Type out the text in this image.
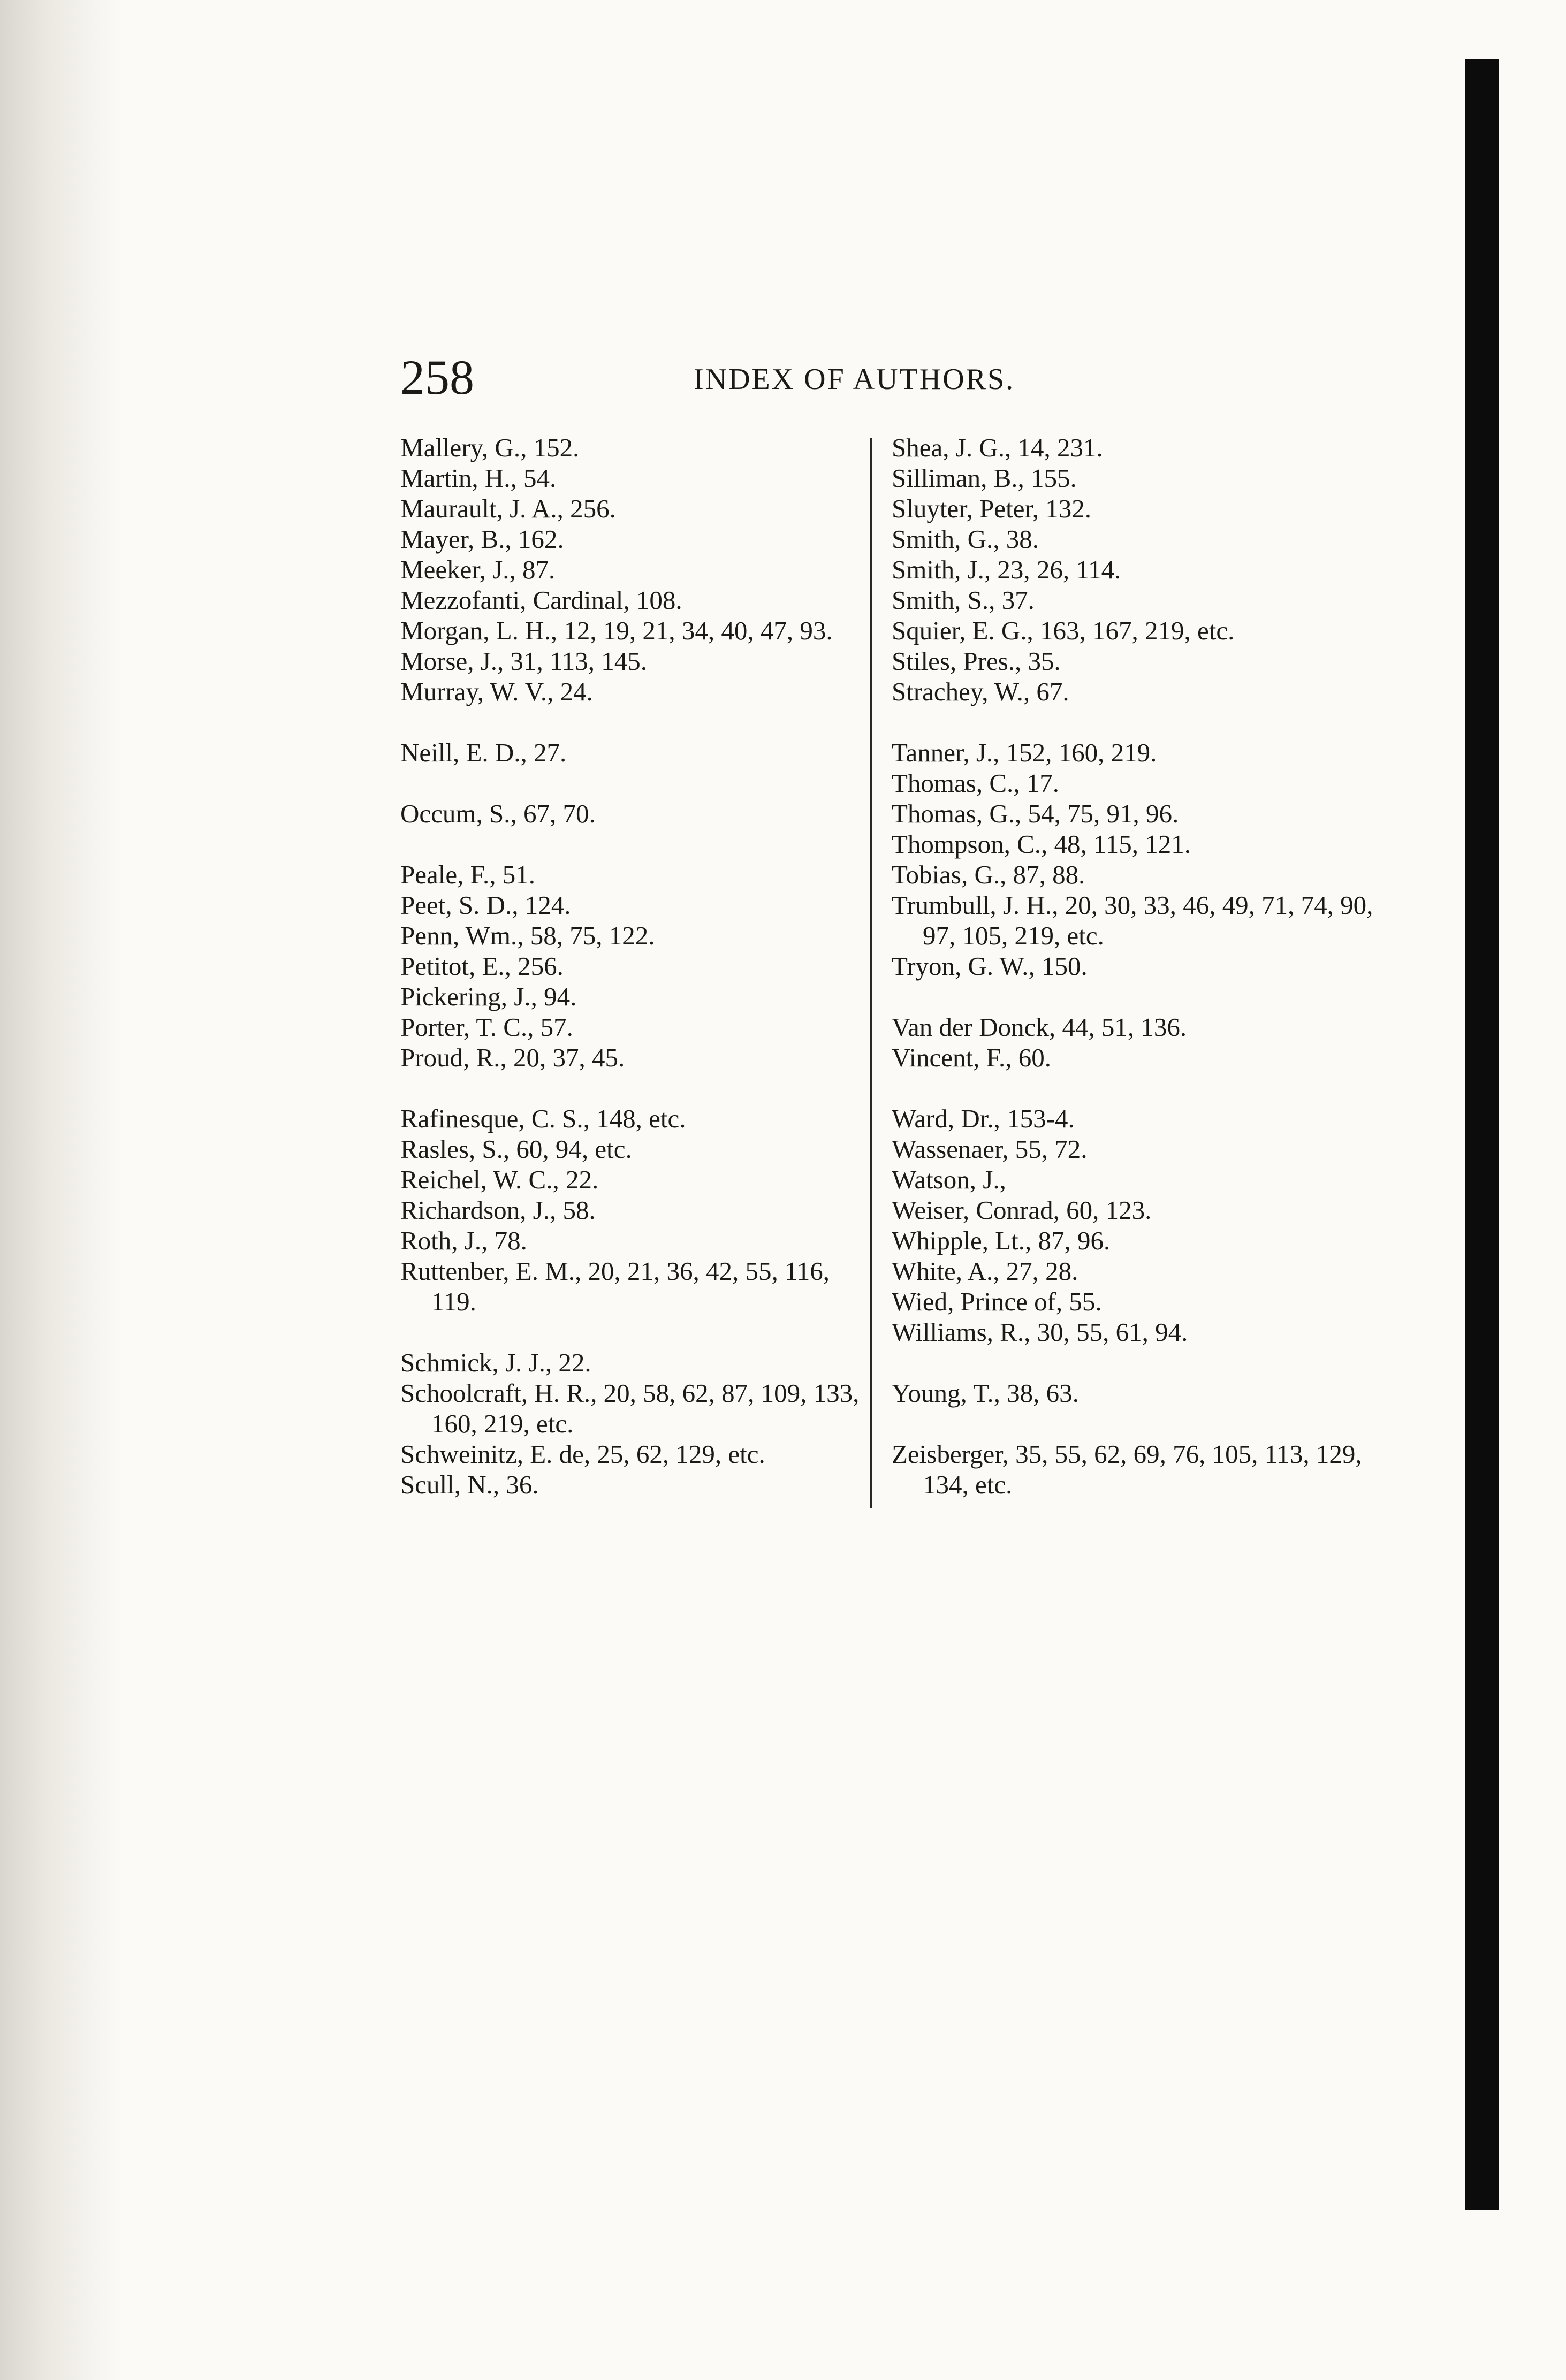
258	INDEX OF AUTHORS.

Mallery, G., 152.

Martin, H., 54.

Maurault, J. A., 256.

Mayer, B., 162.

Meeker, J., 87.

Mezzofanti, Cardinal, 108.

Morgan, L. H., 12, 19, 21, 34, 40, 47, 93.

Morse, J., 31, 113, 145.

Murray, W. V., 24.

Neill, E. D., 27.

Occum, S., 67, 70.

Peale, F., 51.

Peet, S. D., 124.

Penn, Wm., 58, 75, 122.

Petitot, E., 256.

Pickering, J., 94.

Porter, T. C., 57.

Proud, R., 20, 37, 45.

Rafinesque, C. S., 148, etc.

Rasles, S., 60, 94, etc.

Reichel, W. C., 22.

Richardson, J., 58.

Roth, J., 78.

Ruttenber, E. M., 20, 21, 36, 42, 55, 116, 119.

Schmick, J. J., 22.

Schoolcraft, H. R., 20, 58, 62, 87, 109, 133, 160, 219, etc.

Schweinitz, E. de, 25, 62, 129, etc.

Scull, N., 36.

Shea, J. G., 14, 231.

Silliman, B., 155.

Sluyter, Peter, 132.

Smith, G., 38.

Smith, J., 23, 26, 114.

Smith, S., 37.

Squier, E. G., 163, 167, 219, etc.

Stiles, Pres., 35.

Strachey, W., 67.

Tanner, J., 152, 160, 219.

Thomas, C., 17.

Thomas, G., 54, 75, 91, 96.

Thompson, C., 48, 115, 121.

Tobias, G., 87, 88.

Trumbull, J. H., 20, 30, 33, 46, 49, 71, 74, 90, 97, 105, 219, etc.

Tryon, G. W., 150.

Van der Donck, 44, 51, 136.

Vincent, F., 60.

Ward, Dr., 153-4.

Wassenaer, 55, 72.

Watson, J.,

Weiser, Conrad, 60, 123.

Whipple, Lt., 87, 96.

White, A., 27, 28.

Wied, Prince of, 55.

Williams, R., 30, 55, 61, 94.

Young, T., 38, 63.

Zeisberger, 35, 55, 62, 69, 76, 105, 113, 129, 134, etc.
